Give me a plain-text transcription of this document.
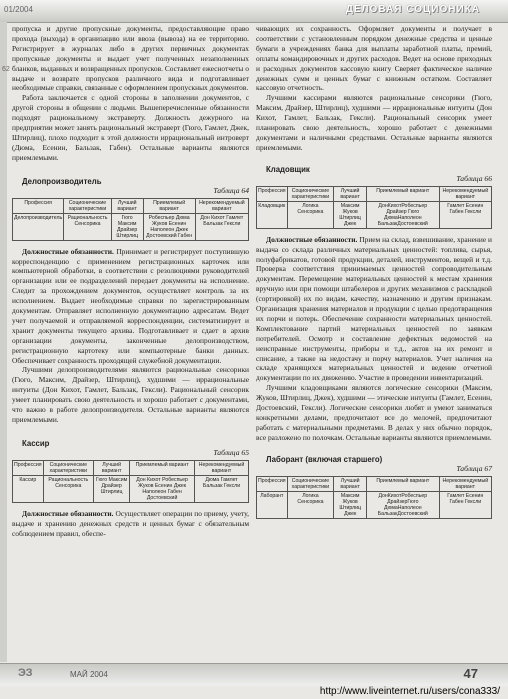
01/2004	ДЕЛОВАЯ СОЦИОНИКА
62

пропуска и другие пропускные документы, предоставляющие право прохода (выхода) в организацию или ввоза (вывоза) на ее территорию. Регистрирует в журналах либо в других первичных документах пропускные документы и выдает учет полученных незаполненных бланков, выданных и возвращенных пропусков. Составляет ежеснотчеты о выдаче и возврате пропусков различного вида и подготавливает необходимые справки, связанные с оформлением пропускных документов.

Работа заключается с одной стороны в заполнении документов, с другой стороны в общении с людьми. Вышеперечисленные обязанности подходят рациональному экстраверту. Должность дежурного на предприятии может занять рациональный экстраверт (Гюго, Гамлет, Джек, Штирлиц), плохо подходит к этой должности иррациональный интроверт (Дюма, Есенин, Бальзак, Габен). Остальные варианты являются приемлемыми.

Делопроизводитель

Таблица 64

Профессия	Соционические характеристики	Лучший вариант	Приемлемый вариант	Нерекомендуемый вариант
Делопроизводитель	Рациональность Сенсорика	Гюго Максим Драйзер Штирлиц	Робеспьер Дюма Жуков Есенин Наполеон Джек Достоевский Габен	Дон Кихот Гамлет Бальзак Гексли

Должностные обязанности. Принимает и регистрирует поступившую корреспонденцию с применением регистрационных карточек или компьютерной обработки, в соответствии с резолюциями руководителей организации или ее подразделений передает документы на исполнение. Следит за прохождением документов, осуществляет контроль за их исполнением. Выдает необходимые справки по зарегистрированным документам. Отправляет исполненную документацию адресатам. Ведет учет получаемой и отправляемой корреспонденции, систематизирует и хранит документы текущего архива. Подготавливает и сдает в архив организации документы, законченные делопроизводством, регистрационную картотеку или компьютерные банки данных. Обеспечивает сохранность проходящей служебной документации.

Лучшими делопроизводителями являются рациональные сенсорики (Гюго, Максим, Драйзер, Штирлиц), худшими — иррациональные интуиты (Дон Кихот, Гамлет, Бальзак, Гексли). Рациональный сенсорик умеет планировать свою деятельность и хорошо работает с документами, что важно в работе делопроизводителя. Остальные варианты являются приемлемыми.

Кассир

Таблица 65

Профессия	Соционические характеристики	Лучший вариант	Приемлемый вариант	Нерекомендуемый вариант
Кассир	Рациональность Сенсорика	Гюго Максим Драйзер Штирлиц	Дон Кихот Робеспьер Жуков Есенин Джек Наполеон Габен Достоевский	Дюма Гамлет Бальзак Гексли

Должностные обязанности. Осуществляет операции по приему, учету, выдаче и хранению денежных средств и ценных бумаг с обязательным соблюдением правил, обеспе-

чивающих их сохранность. Оформляет документы и получает в соответствии с установленным порядком денежные средства и ценные бумаги в учреждениях банка для выплаты заработной платы, премий, оплаты командировочных и других расходов. Ведет на основе приходных и расходных документов кассовую книгу Сверяет фактическое наличие денежных сумм и ценных бумаг с книжным остатком. Составляет кассовую отчетность.

Лучшими кассирами являются рациональные сенсорики (Гюго, Максим, Драйзер, Штирлиц), худшими — иррациональные интуиты (Дон Кихот, Гамлет, Бальзак, Гексли). Рациональный сенсорик умеет планировать свою деятельность, хорошо работает с денежными документами и наличными средствами. Остальные варианты являются приемлемыми.

Кладовщик

Таблица 66

Профессия	Соционические характеристики	Лучший вариант	Приемлемый вариант	Нерекомендуемый вариант
Кладовщик	Логика Сенсорика	Максим Жуков Штирлиц Джек	ДонКихотРобеспьер Драйзер Гюго ДюмаНаполеон БальзакДостоевский	Гамлет Есенин Габен Гексли

Должностные обязанности. Прием на склад, взвешивание, хранение и выдача со склада различных материальных ценностей: топлива, сырья, полуфабрикатов, готовой продукции, деталей, инструментов, вещей и т.д. Проверка соответствия принимаемых ценностей сопроводительным документам. Перемещение материальных ценностей к местам хранения вручную или при помощи штабелеров и других механизмов с раскладкой (сортировкой) их по видам, качеству, назначению и другим признакам. Организация хранения материалов и продукции с целью предотвращения их порчи и потерь. Обеспечение сохранности материальных ценностей. Комплектование партий материальных ценностей по заявкам потребителей. Осмотр и составление дефектных ведомостей на неисправные инструменты, приборы и т.д., актов на их ремонт и списание, а также на недостачу и порчу материалов. Учет наличия на складе хранящихся материальных ценностей и ведение отчетной документации по их движению. Участие в проведении инвентаризаций.

Лучшими кладовщиками являются логические сенсорики (Максим, Жуков, Штирлиц, Джек), худшими — этические интуиты (Гамлет, Есенин, Достоевский, Гексли). Логические сенсорики любят и умеют заниматься конкретными делами, предпочитают все до мелочей, предпочитают работать с материальными предметами. В делах у них обычно порядок, все разложено по полочкам. Остальные варианты являются приемлемыми.

Лаборант (включая старшего)

Таблица 67

Профессия	Соционические характеристики	Лучший вариант	Приемлемый вариант	Нерекомендуемый вариант
Лаборант	Логика Сенсорика	Максим Жуков Штирлиц Джек	ДонКихотРобеспьер ДрайзерГюго ДюмаНаполеон БальзакДостоевский	Гамлет Есенин Габен Гексли
ЭЗ	МАЙ 2004	47
http://www.liveinternet.ru/users/cona333/
